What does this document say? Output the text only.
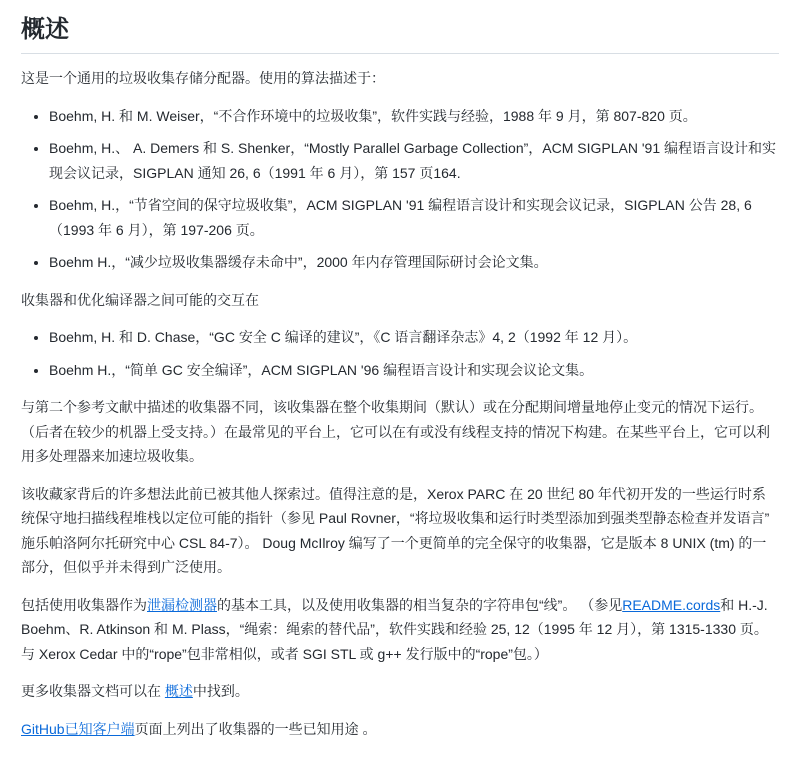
概述

这是一个通用的垃圾收集存储分配器。使用的算法描述于：

• Boehm, H. 和 M. Weiser，“不合作环境中的垃圾收集”，软件实践与经验，1988 年 9 月，第 807-820 页。
• Boehm, H.、 A. Demers 和 S. Shenker，“Mostly Parallel Garbage Collection”，ACM SIGPLAN '91 编程语言设计和实现会议记录，SIGPLAN 通知 26, 6（1991 年 6 月），第 157 页164.
• Boehm, H.，“节省空间的保守垃圾收集”，ACM SIGPLAN '91 编程语言设计和实现会议记录，SIGPLAN 公告 28, 6（1993 年 6 月），第 197-206 页。
• Boehm H.，“减少垃圾收集器缓存未命中”，2000 年内存管理国际研讨会论文集。

收集器和优化编译器之间可能的交互在

• Boehm, H. 和 D. Chase，“GC 安全 C 编译的建议”，《C 语言翻译杂志》4, 2（1992 年 12 月）。
• Boehm H.，“简单 GC 安全编译”，ACM SIGPLAN '96 编程语言设计和实现会议论文集。

与第二个参考文献中描述的收集器不同，该收集器在整个收集期间（默认）或在分配期间增量地停止变元的情况下运行。（后者在较少的机器上受支持。）在最常见的平台上，它可以在有或没有线程支持的情况下构建。在某些平台上，它可以利用多处理器来加速垃圾收集。

该收藏家背后的许多想法此前已被其他人探索过。值得注意的是，Xerox PARC 在 20 世纪 80 年代初开发的一些运行时系统保守地扫描线程堆栈以定位可能的指针（参见 Paul Rovner，“将垃圾收集和运行时类型添加到强类型静态检查并发语言”施乐帕洛阿尔托研究中心 CSL 84-7）。 Doug McIlroy 编写了一个更简单的完全保守的收集器，它是版本 8 UNIX (tm) 的一部分，但似乎并未得到广泛使用。

包括使用收集器作为泄漏检测器的基本工具，以及使用收集器的相当复杂的字符串包“线”。 （参见README.cords和 H.-J. Boehm、R. Atkinson 和 M. Plass，“绳索：绳索的替代品”，软件实践和经验 25, 12（1995 年 12 月），第 1315-1330 页。与 Xerox Cedar 中的“rope”包非常相似，或者 SGI STL 或 g++ 发行版中的“rope”包。）

更多收集器文档可以在 概述中找到。

GitHub已知客户端页面上列出了收集器的一些已知用途 。
